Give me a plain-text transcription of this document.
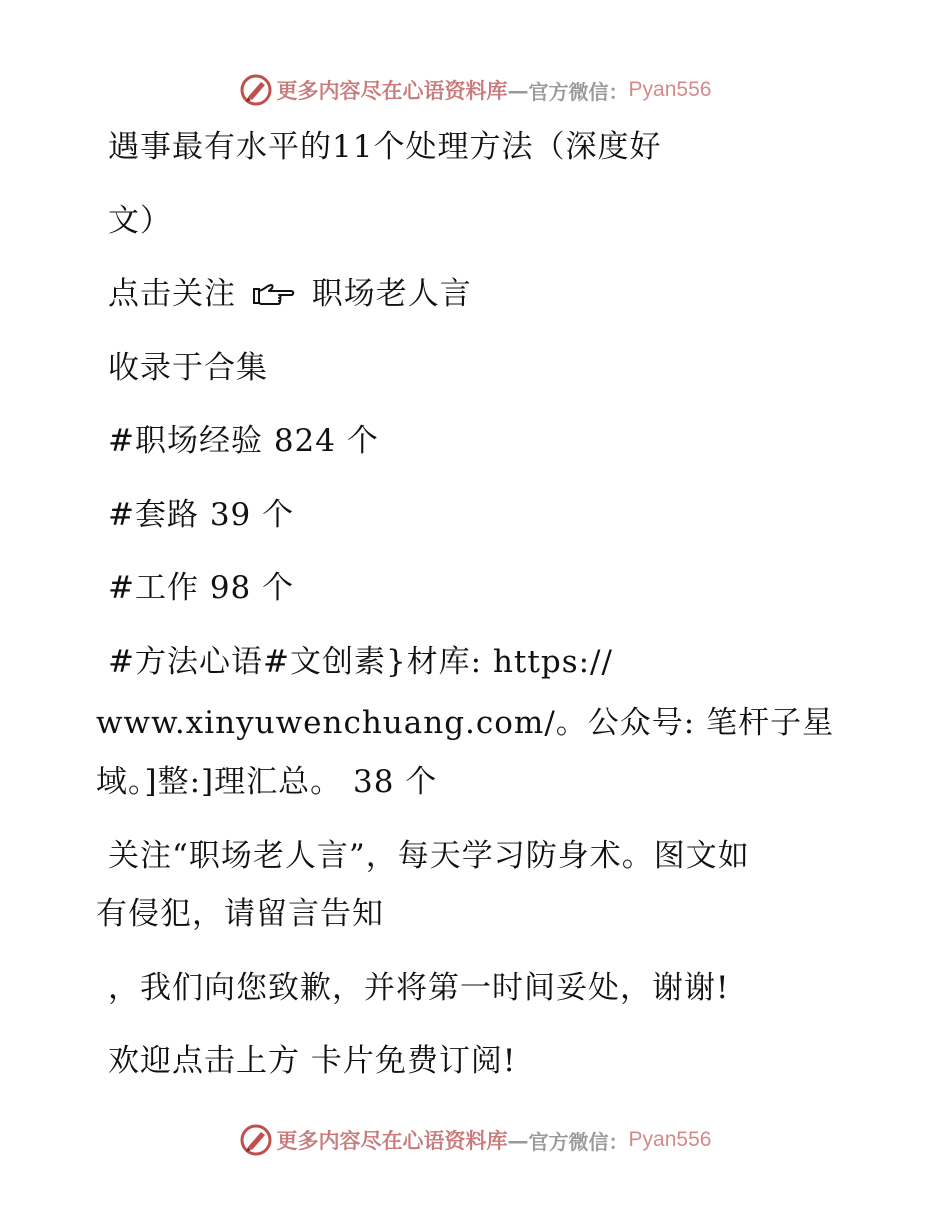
更多内容尽在心语资料库 — 官方微信： Pyan556
遇事最有水平的11个处理方法（深度好
文）
点击关注 职场老人言
收录于合集
#职场经验 824 个
#套路 39 个
#工作 98 个
#方法心语#文创素}材库: https://
www.xinyuwenchuang.com/。公众号: 笔杆子星
域。]整:]理汇总。 38 个
关注“职场老人言”，每天学习防身术。图文如
有侵犯，请留言告知
，我们向您致歉，并将第一时间妥处，谢谢!
欢迎点击上方 卡片免费订阅!
更多内容尽在心语资料库 — 官方微信： Pyan556
